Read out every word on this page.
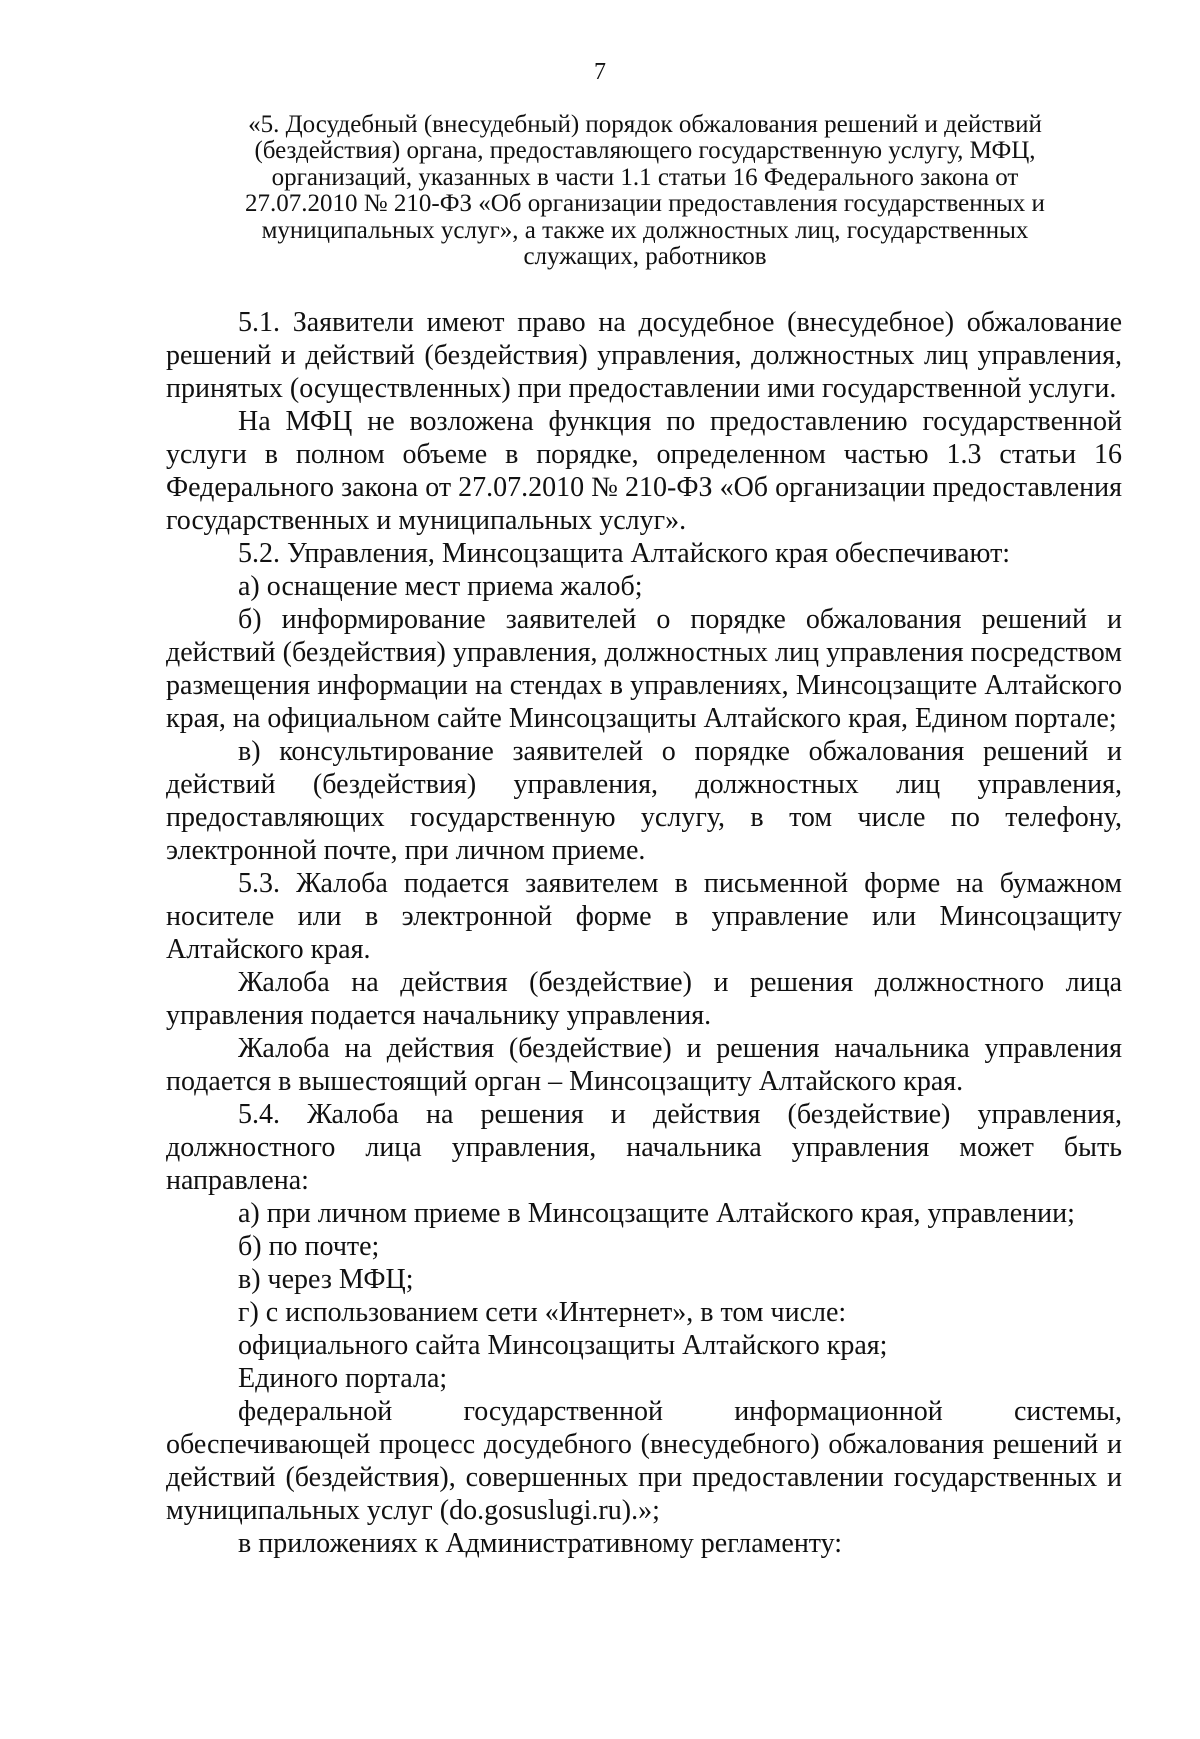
7

«5. Досудебный (внесудебный) порядок обжалования решений и действий (бездействия) органа, предоставляющего государственную услугу, МФЦ, организаций, указанных в части 1.1 статьи 16 Федерального закона от 27.07.2010 № 210-ФЗ «Об организации предоставления государственных и муниципальных услуг», а также их должностных лиц, государственных служащих, работников

5.1. Заявители имеют право на досудебное (внесудебное) обжалование решений и действий (бездействия) управления, должностных лиц управления, принятых (осуществленных) при предоставлении ими государственной услуги.

На МФЦ не возложена функция по предоставлению государственной услуги в полном объеме в порядке, определенном частью 1.3 статьи 16 Федерального закона от 27.07.2010 № 210-ФЗ «Об организации предоставления государственных и муниципальных услуг».

5.2. Управления, Минсоцзащита Алтайского края обеспечивают:

а) оснащение мест приема жалоб;

б) информирование заявителей о порядке обжалования решений и действий (бездействия) управления, должностных лиц управления посредством размещения информации на стендах в управлениях, Минсоцзащите Алтайского края, на официальном сайте Минсоцзащиты Алтайского края, Едином портале;

в) консультирование заявителей о порядке обжалования решений и действий (бездействия) управления, должностных лиц управления, предоставляющих государственную услугу, в том числе по телефону, электронной почте, при личном приеме.

5.3. Жалоба подается заявителем в письменной форме на бумажном носителе или в электронной форме в управление или Минсоцзащиту Алтайского края.

Жалоба на действия (бездействие) и решения должностного лица управления подается начальнику управления.

Жалоба на действия (бездействие) и решения начальника управления подается в вышестоящий орган – Минсоцзащиту Алтайского края.

5.4. Жалоба на решения и действия (бездействие) управления, должностного лица управления, начальника управления может быть направлена:

а) при личном приеме в Минсоцзащите Алтайского края, управлении;

б) по почте;

в) через МФЦ;

г) с использованием сети «Интернет», в том числе:

официального сайта Минсоцзащиты Алтайского края;

Единого портала;

федеральной государственной информационной системы, обеспечивающей процесс досудебного (внесудебного) обжалования решений и действий (бездействия), совершенных при предоставлении государственных и муниципальных услуг (do.gosuslugi.ru).»;

в приложениях к Административному регламенту:
